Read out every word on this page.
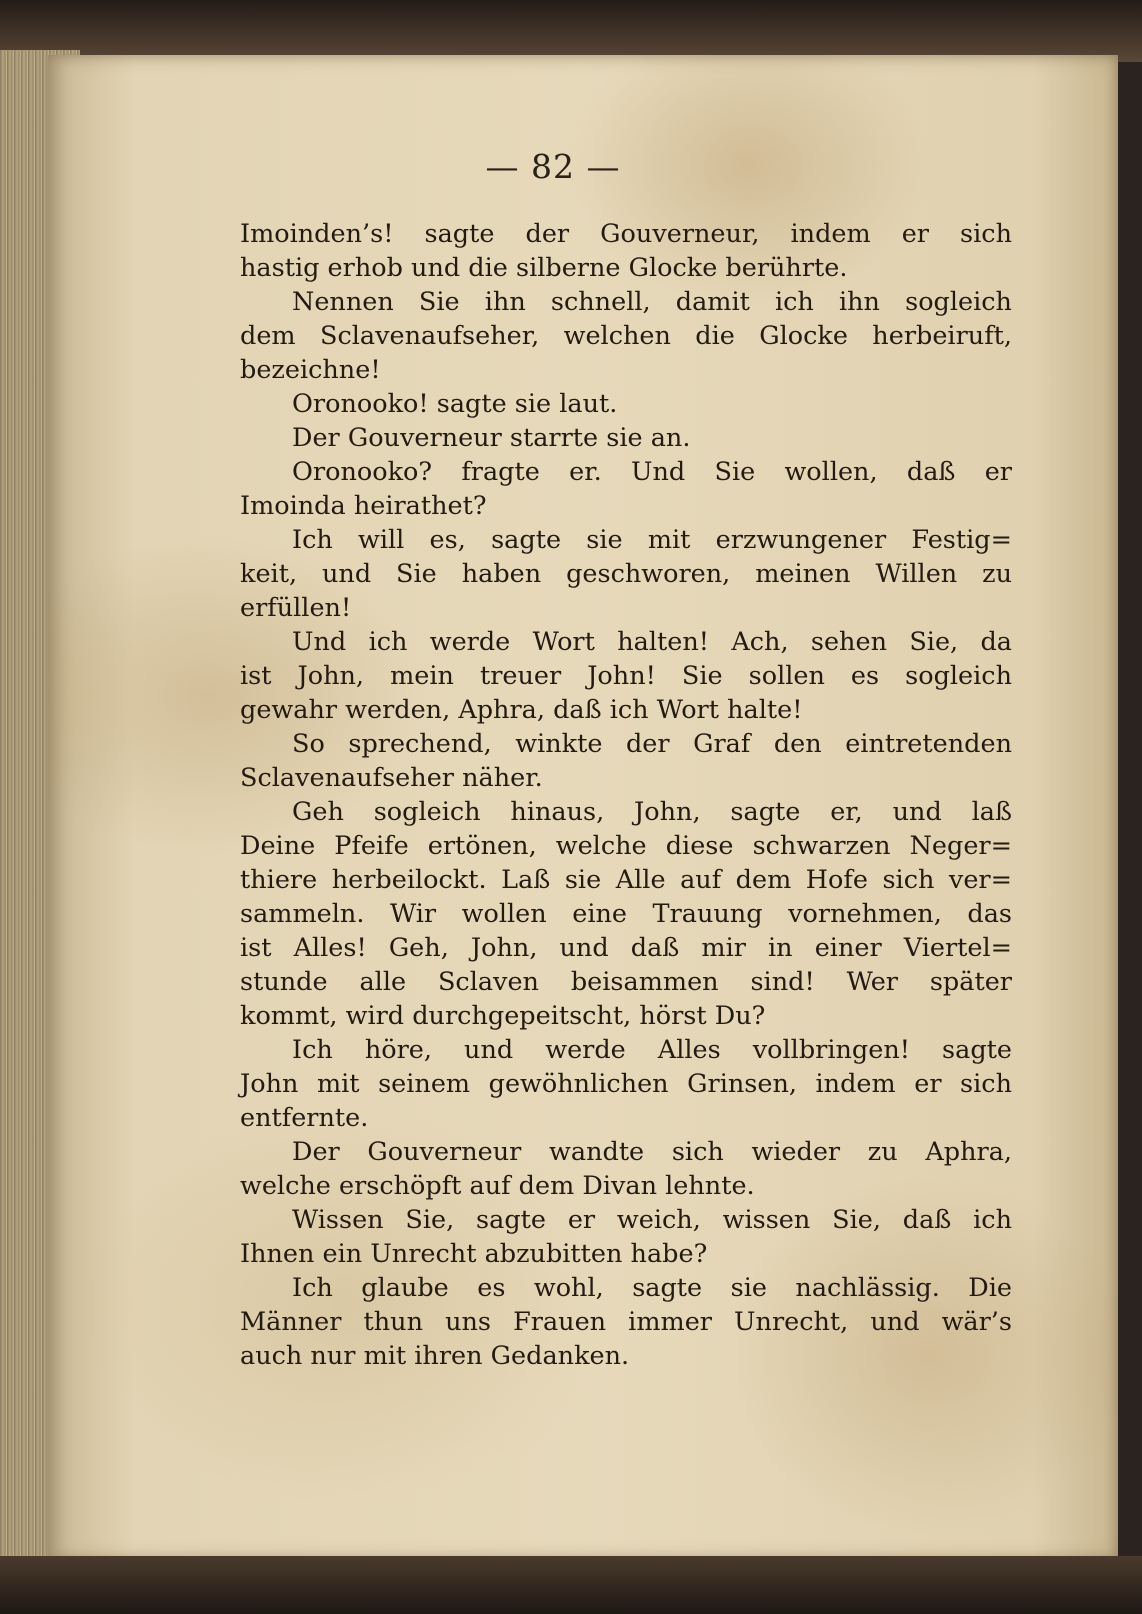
— 82 —
Imoinden’s! sagte der Gouverneur, indem er sich
hastig erhob und die silberne Glocke berührte.
Nennen Sie ihn schnell, damit ich ihn sogleich
dem Sclavenaufseher, welchen die Glocke herbeiruft,
bezeichne!
Oronooko! sagte sie laut.
Der Gouverneur starrte sie an.
Oronooko? fragte er. Und Sie wollen, daß er
Imoinda heirathet?
Ich will es, sagte sie mit erzwungener Festig=
keit, und Sie haben geschworen, meinen Willen zu
erfüllen!
Und ich werde Wort halten! Ach, sehen Sie, da
ist John, mein treuer John! Sie sollen es sogleich
gewahr werden, Aphra, daß ich Wort halte!
So sprechend, winkte der Graf den eintretenden
Sclavenaufseher näher.
Geh sogleich hinaus, John, sagte er, und laß
Deine Pfeife ertönen, welche diese schwarzen Neger=
thiere herbeilockt. Laß sie Alle auf dem Hofe sich ver=
sammeln. Wir wollen eine Trauung vornehmen, das
ist Alles! Geh, John, und daß mir in einer Viertel=
stunde alle Sclaven beisammen sind! Wer später
kommt, wird durchgepeitscht, hörst Du?
Ich höre, und werde Alles vollbringen! sagte
John mit seinem gewöhnlichen Grinsen, indem er sich
entfernte.
Der Gouverneur wandte sich wieder zu Aphra,
welche erschöpft auf dem Divan lehnte.
Wissen Sie, sagte er weich, wissen Sie, daß ich
Ihnen ein Unrecht abzubitten habe?
Ich glaube es wohl, sagte sie nachlässig. Die
Männer thun uns Frauen immer Unrecht, und wär’s
auch nur mit ihren Gedanken.
